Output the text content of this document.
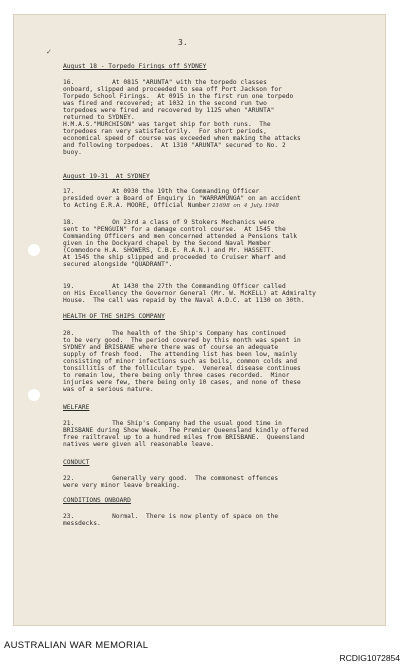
3.
✓
August 18 - Torpedo Firings off SYDNEY
16.          At 0815 "ARUNTA" with the torpedo classes
onboard, slipped and proceeded to sea off Port Jackson for
Torpedo School Firings.  At 0915 in the first run one torpedo
was fired and recovered; at 1032 in the second run two
torpedoes were fired and recovered by 1125 when "ARUNTA"
returned to SYDNEY.
H.M.A.S."MURCHISON" was target ship for both runs.  The
torpedoes ran very satisfactorily.  For short periods,
economical speed of course was exceeded when making the attacks
and following torpedoes.  At 1310 "ARUNTA" secured to No. 2
buoy.
August 19-31  At SYDNEY
17.          At 0930 the 19th the Commanding Officer
presided over a Board of Enquiry in "WARRAMUNGA" on an accident
to Acting E.R.A. MOORE, Official Number 21698  on  4  July. 1948
18.          On 23rd a class of 9 Stokers Mechanics were
sent to "PENGUIN" for a damage control course.  At 1545 the
Commanding Officers and men concerned attended a Pensions talk
given in the Dockyard chapel by the Second Naval Member
(Commodore H.A. SHOWERS, C.B.E. R.A.N.) and Mr. HASSETT.
At 1545 the ship slipped and proceeded to Cruiser Wharf and
secured alongside "QUADRANT".
19.          At 1430 the 27th the Commanding Officer called
on His Excellency the Governor General (Mr. W. McKELL) at Admiralty
House.  The call was repaid by the Naval A.D.C. at 1130 on 30th.
HEALTH OF THE SHIPS COMPANY
20.          The health of the Ship's Company has continued
to be very good.  The period covered by this month was spent in
SYDNEY and BRISBANE where there was of course an adequate
supply of fresh food.  The attending list has been low, mainly
consisting of minor infections such as boils, common colds and
tonsillitis of the follicular type.  Venereal disease continues
to remain low, there being only three cases recorded.  Minor
injuries were few, there being only 10 cases, and none of these
was of a serious nature.
WELFARE
21.          The Ship's Company had the usual good time in
BRISBANE during Show Week.  The Premier Queensland kindly offered
free railtravel up to a hundred miles from BRISBANE.  Queensland
natives were given all reasonable leave.
CONDUCT
22.          Generally very good.  The commonest offences
were very minor leave breaking.
CONDITIONS ONBOARD
23.          Normal.  There is now plenty of space on the
messdecks.
AUSTRALIAN WAR MEMORIAL
RCDIG1072854
